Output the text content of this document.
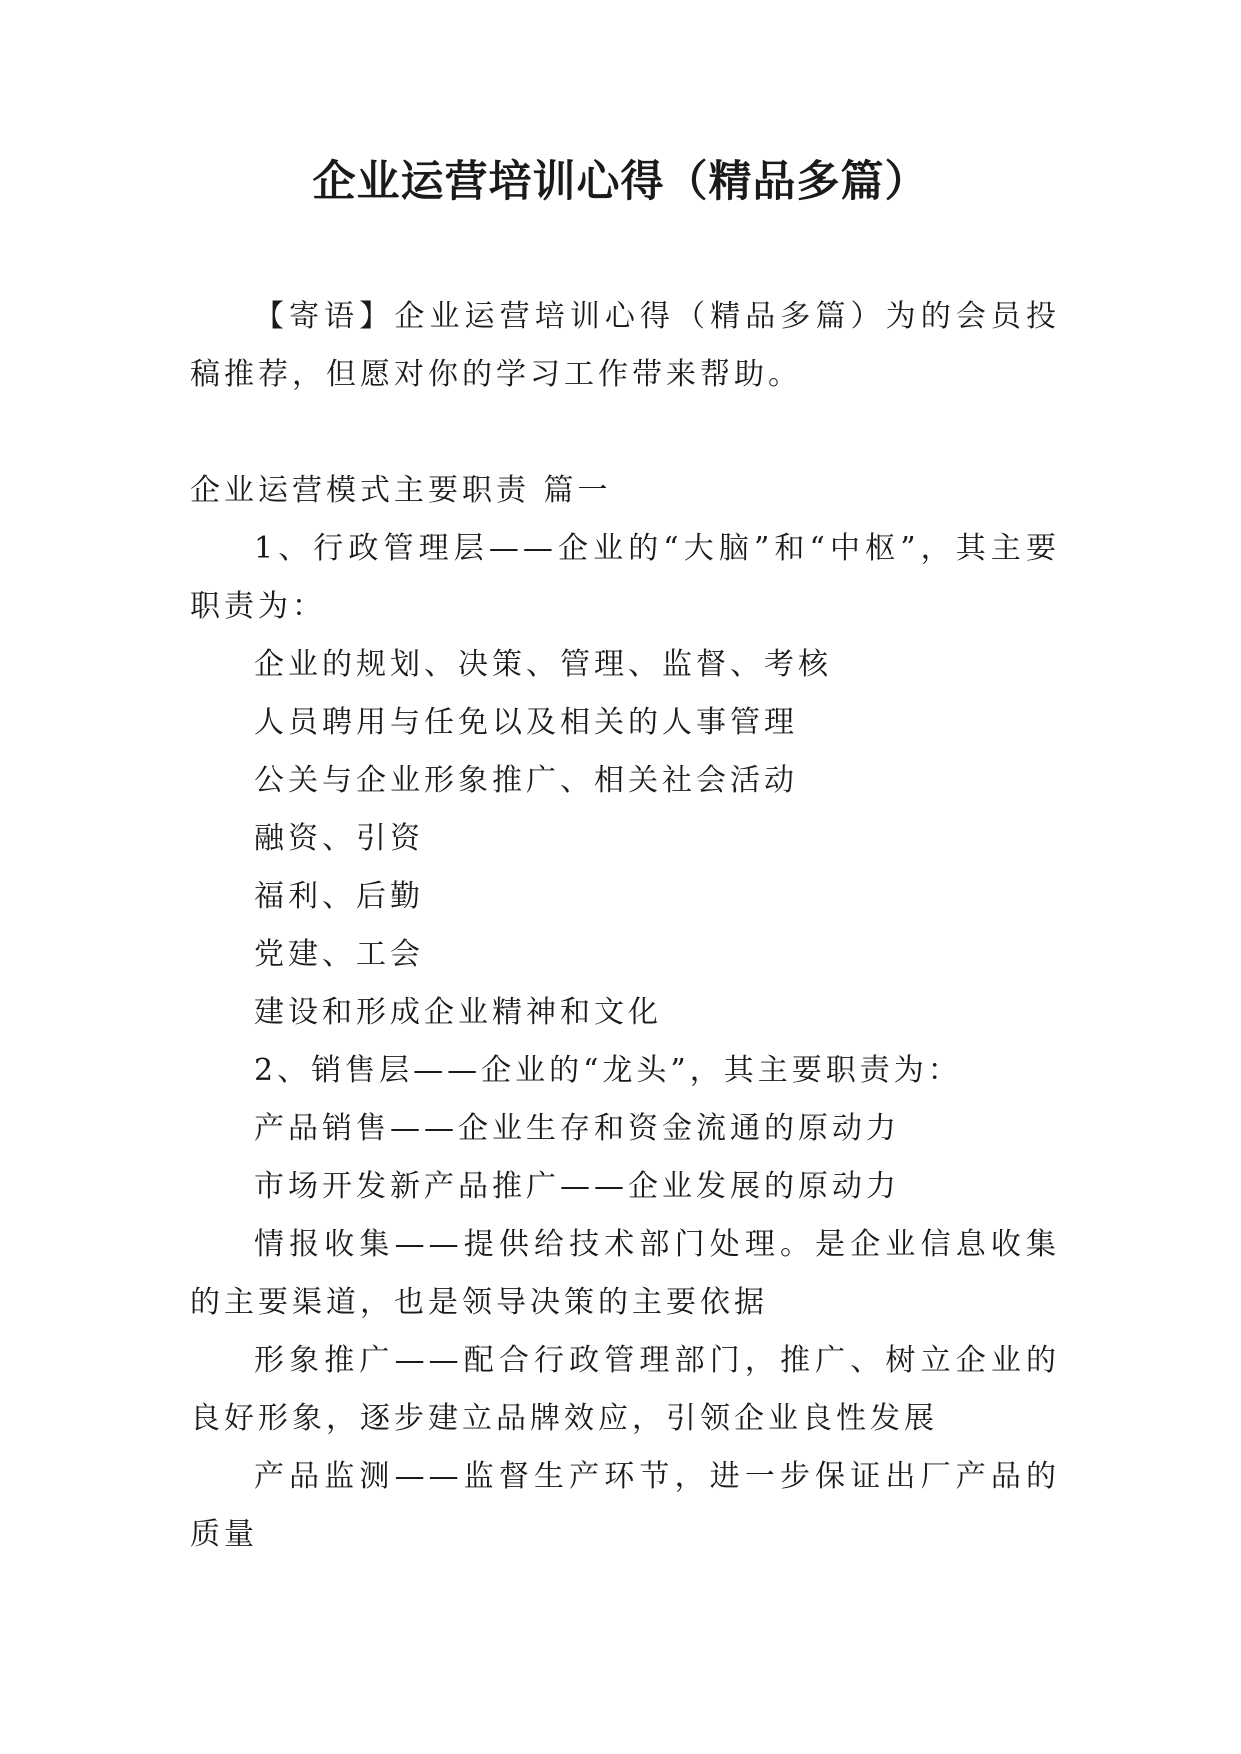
企业运营培训心得（精品多篇）

【寄语】企业运营培训心得（精品多篇）为的会员投稿推荐，但愿对你的学习工作带来帮助。

企业运营模式主要职责 篇一

1、行政管理层——企业的“大脑”和“中枢”，其主要职责为：

企业的规划、决策、管理、监督、考核

人员聘用与任免以及相关的人事管理

公关与企业形象推广、相关社会活动

融资、引资

福利、后勤

党建、工会

建设和形成企业精神和文化

2、销售层——企业的“龙头”，其主要职责为：

产品销售——企业生存和资金流通的原动力

市场开发新产品推广——企业发展的原动力

情报收集——提供给技术部门处理。是企业信息收集的主要渠道，也是领导决策的主要依据

形象推广——配合行政管理部门，推广、树立企业的良好形象，逐步建立品牌效应，引领企业良性发展

产品监测——监督生产环节，进一步保证出厂产品的质量
